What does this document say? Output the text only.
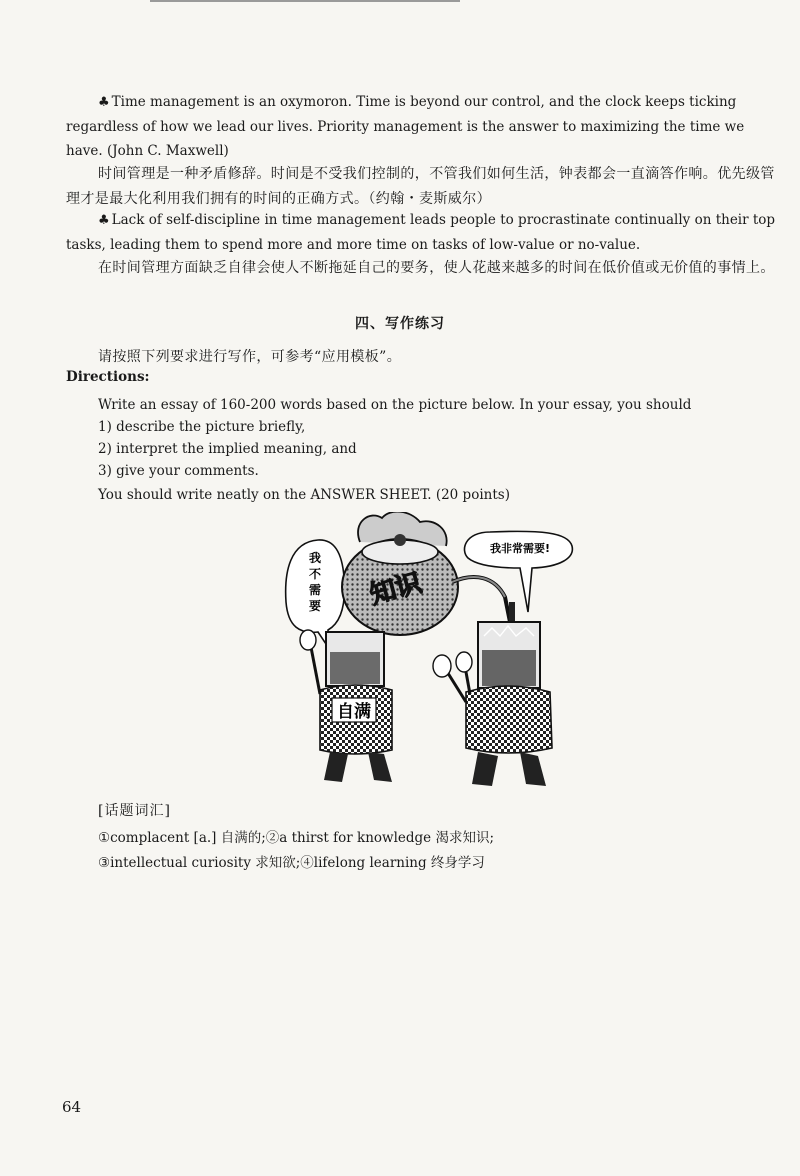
♣ Time management is an oxymoron. Time is beyond our control, and the clock keeps ticking regardless of how we lead our lives. Priority management is the answer to maximizing the time we have. (John C. Maxwell)
时间管理是一种矛盾修辞。时间是不受我们控制的，不管我们如何生活，钟表都会一直滴答作响。优先级管理才是最大化利用我们拥有的时间的正确方式。（约翰・麦斯威尔）
♣ Lack of self-discipline in time management leads people to procrastinate continually on their top tasks, leading them to spend more and more time on tasks of low-value or no-value.
在时间管理方面缺乏自律会使人不断拖延自己的要务，使人花越来越多的时间在低价值或无价值的事情上。
四、写作练习
请按照下列要求进行写作，可参考“应用模板”。
Directions:
Write an essay of 160-200 words based on the picture below. In your essay, you should
1) describe the picture briefly,
2) interpret the implied meaning, and
3) give your comments.
You should write neatly on the ANSWER SHEET. (20 points)
我
不
需
要
我非常需要!
知识
自满
[话题词汇]
①complacent [a.] 自满的;②a thirst for knowledge 渴求知识;
③intellectual curiosity 求知欲;④lifelong learning 终身学习
64
